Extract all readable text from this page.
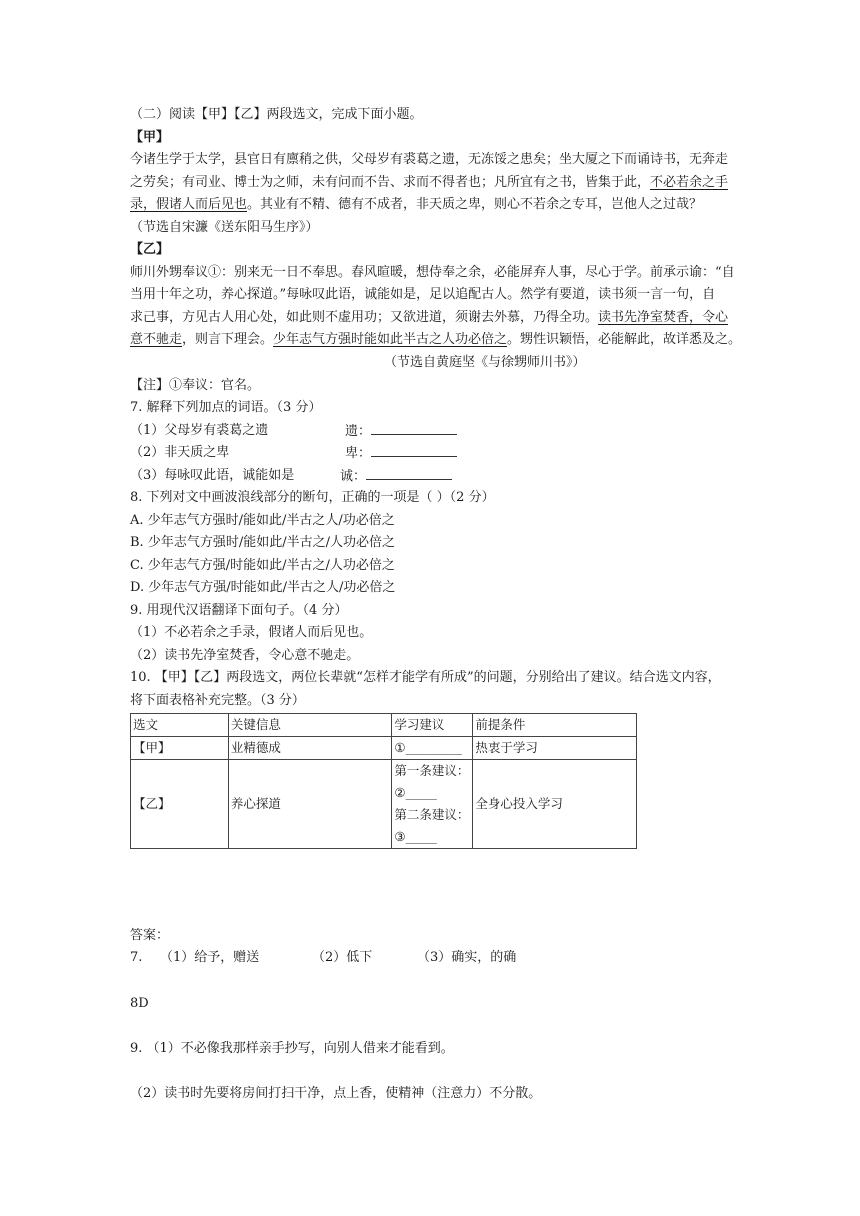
（二）阅读【甲】【乙】两段选文，完成下面小题。
【甲】
今诸生学于太学，县官日有廪稍之供，父母岁有裘葛之遗，无冻馁之患矣；坐大厦之下而诵诗书，无奔走
之劳矣；有司业、博士为之师，未有问而不告、求而不得者也；凡所宜有之书，皆集于此，不必若余之手
录，假诸人而后见也。其业有不精、德有不成者，非天质之卑，则心不若余之专耳，岂他人之过哉？
（节选自宋濂《送东阳马生序》）
【乙】
师川外甥奉议①：别来无一日不奉思。春风暄暖，想侍奉之余，必能屏弃人事，尽心于学。前承示谕：“自
当用十年之功，养心探道。”每咏叹此语，诚能如是，足以追配古人。然学有要道，读书须一言一句，自
求己事，方见古人用心处，如此则不虚用功；又欲进道，须谢去外慕，乃得全功。读书先净室焚香，令心
意不驰走，则言下理会。少年志气方强时能如此半古之人功必倍之。甥性识颖悟，必能解此，故详悉及之。
（节选自黄庭坚《与徐甥师川书》）
【注】①奉议：官名。
7. 解释下列加点的词语。（3 分）
（1）父母岁有裘葛之遗	遗：
（2）非天质之卑	卑：
（3）每咏叹此语，诚能如是	诚：
8. 下列对文中画波浪线部分的断句，正确的一项是（ ）（2 分）
A. 少年志气方强时/能如此/半古之人/功必倍之
B. 少年志气方强时/能如此/半古之/人功必倍之
C. 少年志气方强/时能如此/半古之/人功必倍之
D. 少年志气方强/时能如此/半古之人/功必倍之
9. 用现代汉语翻译下面句子。（4 分）
（1）不必若余之手录，假诸人而后见也。
（2）读书先净室焚香，令心意不驰走。
10. 【甲】【乙】两段选文，两位长辈就“怎样才能学有所成”的问题，分别给出了建议。结合选文内容，
将下面表格补充完整。（3 分）
选文	关键信息	学习建议	前提条件
【甲】	业精德成	①_________	热衷于学习
【乙】	养心探道	第一条建议：
②_____
第二条建议：
③_____	全身心投入学习
答案：
7. （1）给予，赠送	（2）低下	（3）确实，的确
8D
9. （1）不必像我那样亲手抄写，向别人借来才能看到。
（2）读书时先要将房间打扫干净，点上香，使精神（注意力）不分散。
